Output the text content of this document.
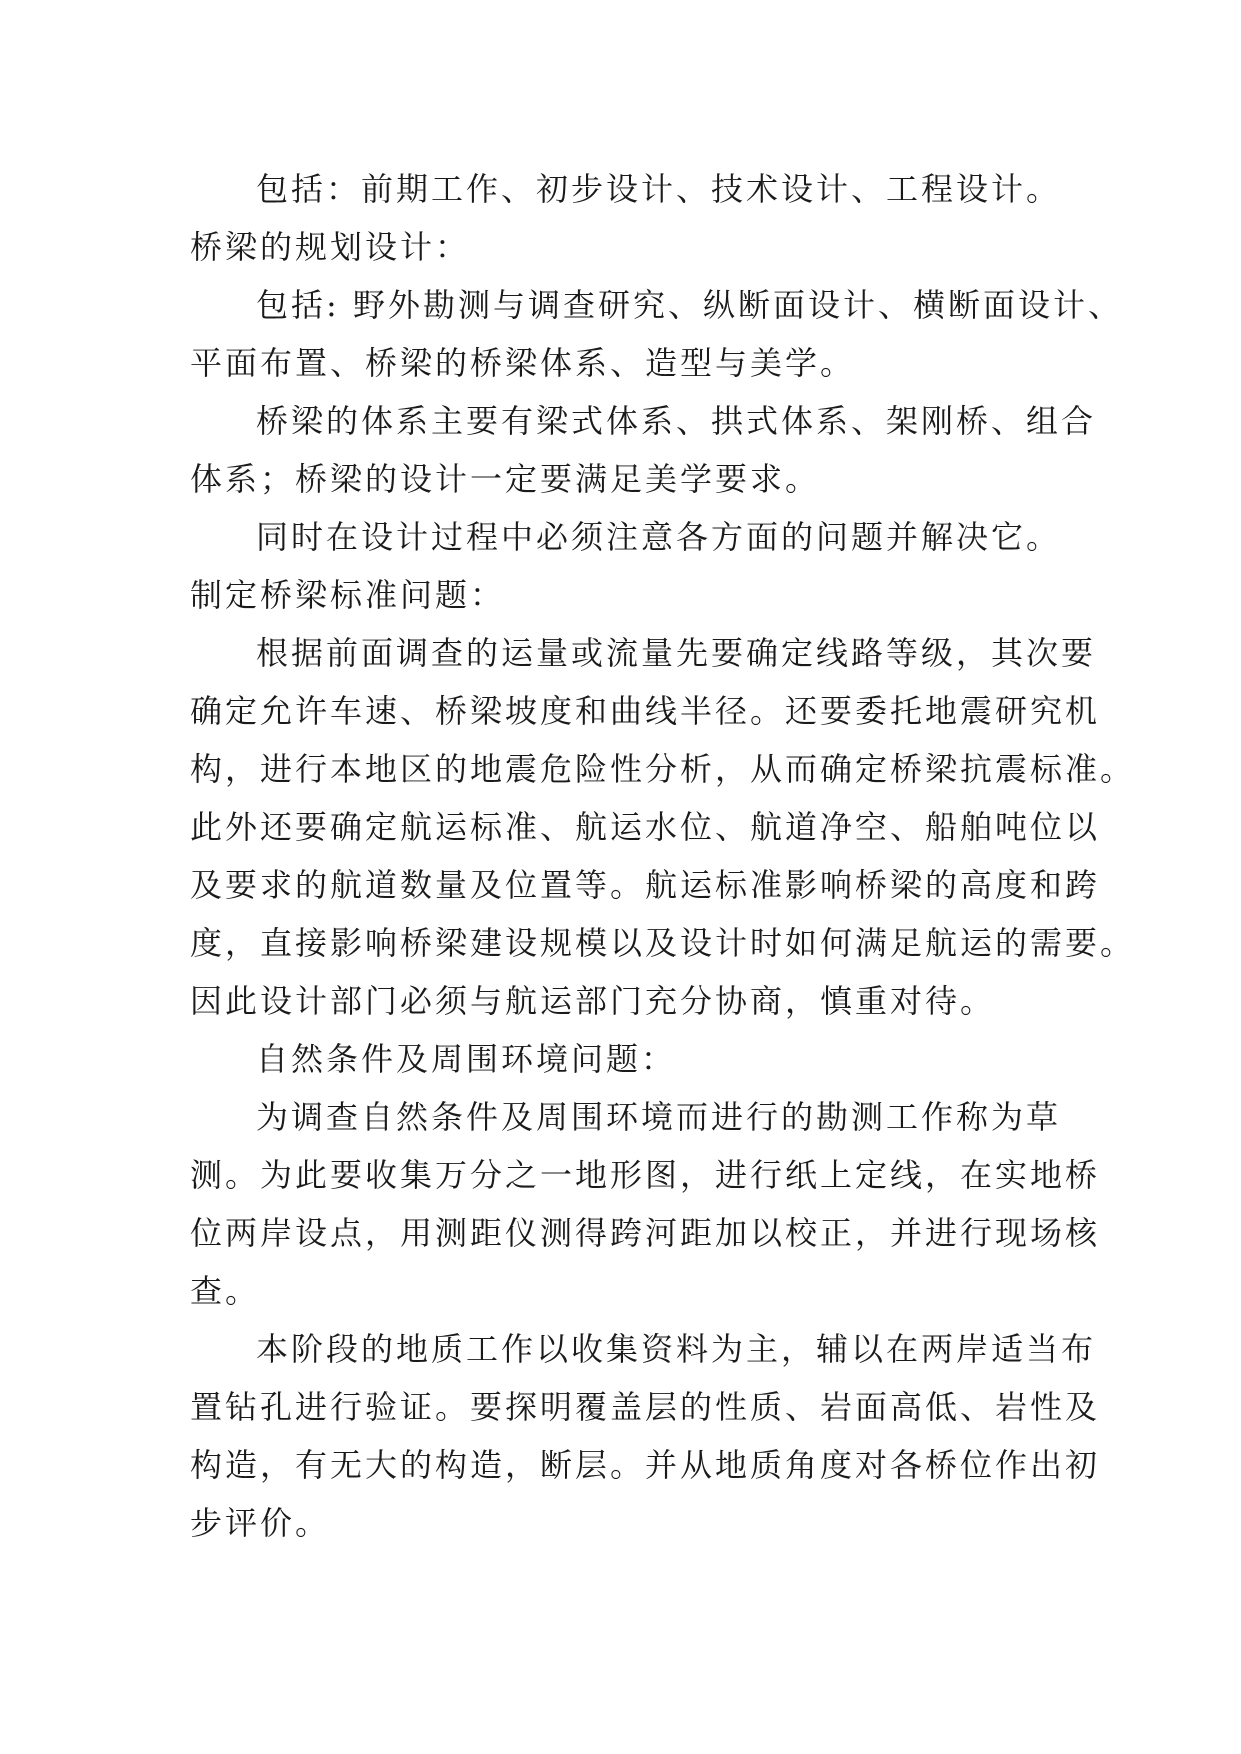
包括：前期工作、初步设计、技术设计、工程设计。
桥梁的规划设计：
包括: 野外勘测与调查研究、纵断面设计、横断面设计、
平面布置、桥梁的桥梁体系、造型与美学。
桥梁的体系主要有梁式体系、拱式体系、架刚桥、组合
体系；桥梁的设计一定要满足美学要求。
同时在设计过程中必须注意各方面的问题并解决它。
制定桥梁标准问题：
根据前面调查的运量或流量先要确定线路等级，其次要
确定允许车速、桥梁坡度和曲线半径。还要委托地震研究机
构，进行本地区的地震危险性分析，从而确定桥梁抗震标准。
此外还要确定航运标准、航运水位、航道净空、船舶吨位以
及要求的航道数量及位置等。航运标准影响桥梁的高度和跨
度，直接影响桥梁建设规模以及设计时如何满足航运的需要。
因此设计部门必须与航运部门充分协商，慎重对待。
自然条件及周围环境问题：
为调查自然条件及周围环境而进行的勘测工作称为草
测。为此要收集万分之一地形图，进行纸上定线，在实地桥
位两岸设点，用测距仪测得跨河距加以校正，并进行现场核
查。
本阶段的地质工作以收集资料为主，辅以在两岸适当布
置钻孔进行验证。要探明覆盖层的性质、岩面高低、岩性及
构造，有无大的构造，断层。并从地质角度对各桥位作出初
步评价。
